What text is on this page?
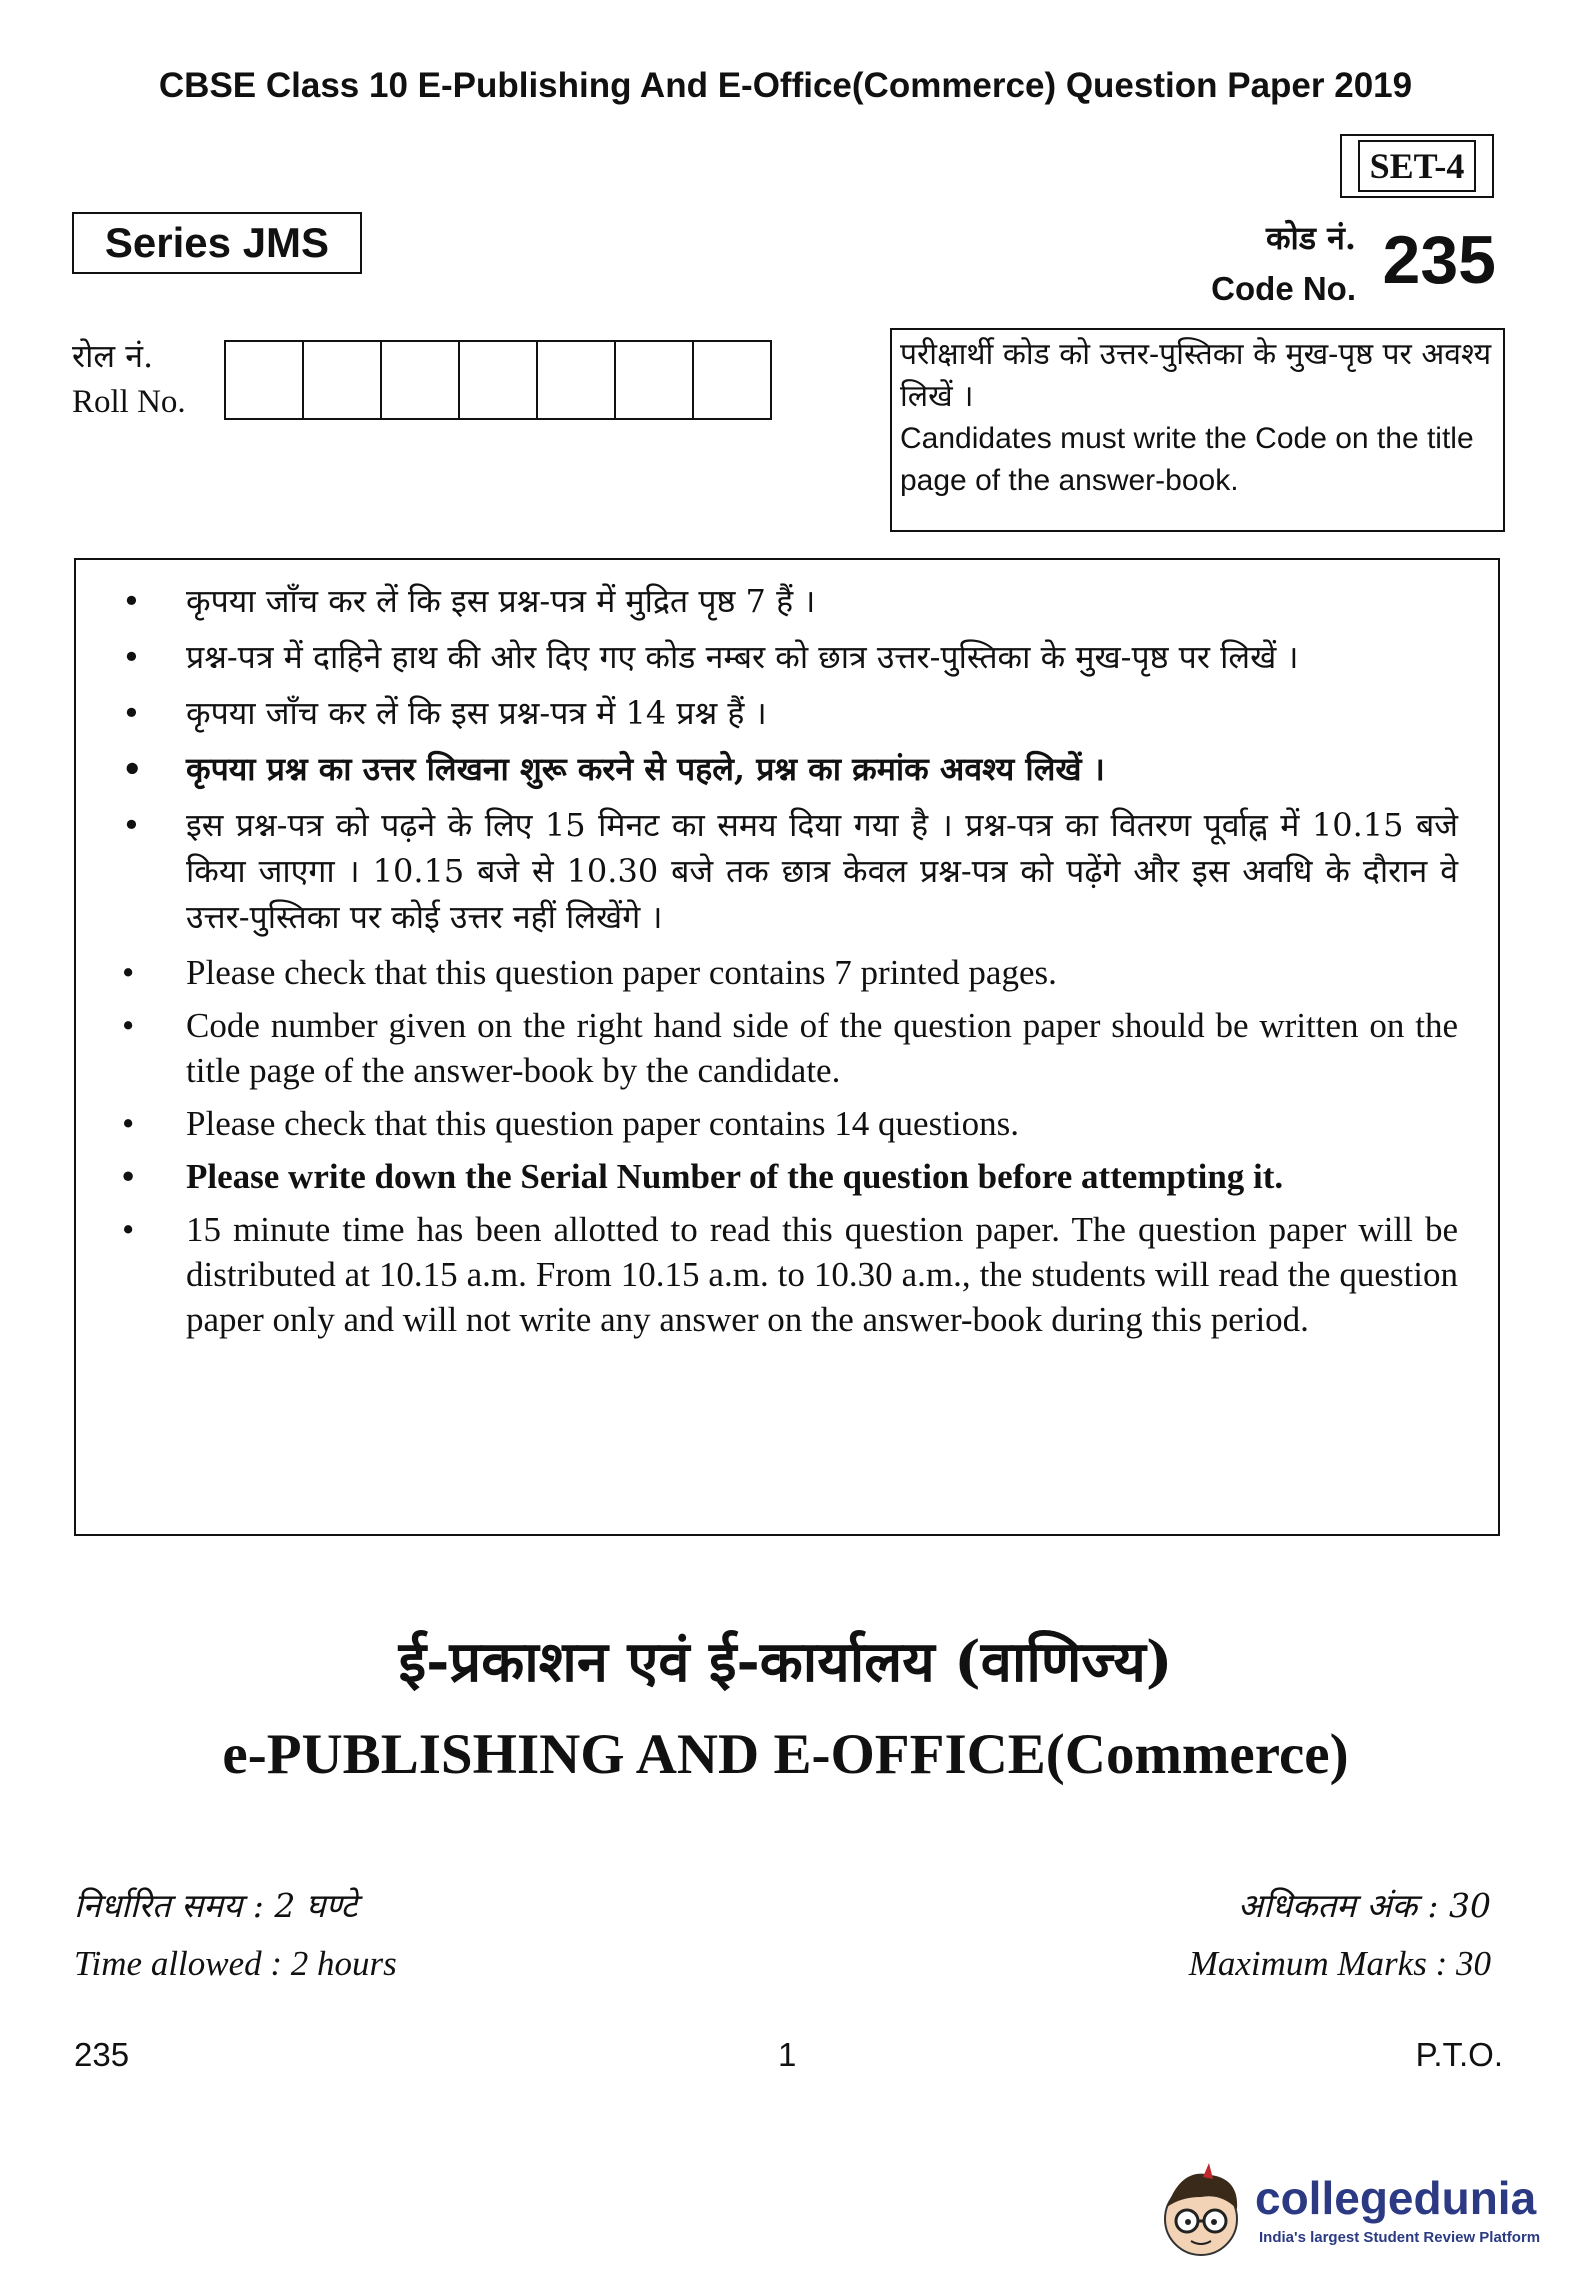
CBSE Class 10 E-Publishing And E-Office(Commerce) Question Paper 2019
SET-4
Series JMS	कोड नं.
Code No. 235
रोल नं.
Roll No.
परीक्षार्थी कोड को उत्तर-पुस्तिका के मुख-पृष्ठ पर अवश्य लिखें ।
Candidates must write the Code on the title page of the answer-book.
• कृपया जाँच कर लें कि इस प्रश्न-पत्र में मुद्रित पृष्ठ 7 हैं ।
• प्रश्न-पत्र में दाहिने हाथ की ओर दिए गए कोड नम्बर को छात्र उत्तर-पुस्तिका के मुख-पृष्ठ पर लिखें ।
• कृपया जाँच कर लें कि इस प्रश्न-पत्र में 14 प्रश्न हैं ।
• कृपया प्रश्न का उत्तर लिखना शुरू करने से पहले, प्रश्न का क्रमांक अवश्य लिखें ।
• इस प्रश्न-पत्र को पढ़ने के लिए 15 मिनट का समय दिया गया है । प्रश्न-पत्र का वितरण पूर्वाह्न में 10.15 बजे किया जाएगा । 10.15 बजे से 10.30 बजे तक छात्र केवल प्रश्न-पत्र को पढ़ेंगे और इस अवधि के दौरान वे उत्तर-पुस्तिका पर कोई उत्तर नहीं लिखेंगे ।
• Please check that this question paper contains 7 printed pages.
• Code number given on the right hand side of the question paper should be written on the title page of the answer-book by the candidate.
• Please check that this question paper contains 14 questions.
• Please write down the Serial Number of the question before attempting it.
• 15 minute time has been allotted to read this question paper. The question paper will be distributed at 10.15 a.m. From 10.15 a.m. to 10.30 a.m., the students will read the question paper only and will not write any answer on the answer-book during this period.
ई-प्रकाशन एवं ई-कार्यालय (वाणिज्य)
e-PUBLISHING AND E-OFFICE(Commerce)
निर्धारित समय : 2 घण्टे
Time allowed : 2 hours
अधिकतम अंक : 30
Maximum Marks : 30
235	1	P.T.O.
collegedunia
India's largest Student Review Platform
